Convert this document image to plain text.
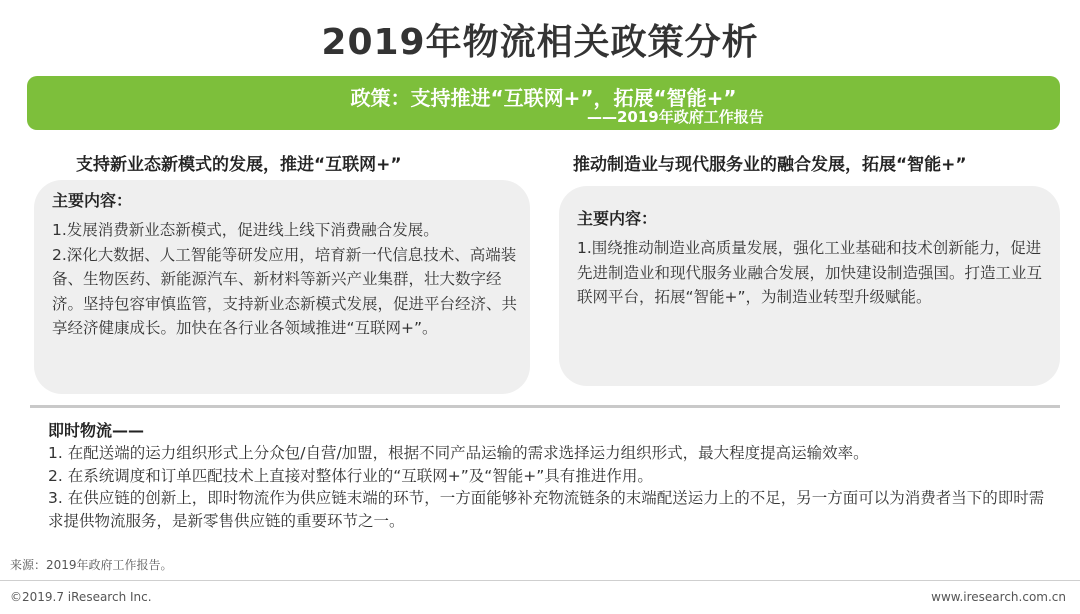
2019年物流相关政策分析
政策：支持推进“互联网+”，拓展“智能+”
——2019年政府工作报告
支持新业态新模式的发展，推进“互联网+”	推动制造业与现代服务业的融合发展，拓展“智能+”
主要内容：

1.发展消费新业态新模式，促进线上线下消费融合发展。

2.深化大数据、人工智能等研发应用，培育新一代信息技术、高端装备、生物医药、新能源汽车、新材料等新兴产业集群，壮大数字经济。坚持包容审慎监管，支持新业态新模式发展，促进平台经济、共享经济健康成长。加快在各行业各领域推进“互联网+”。

主要内容：

1.围绕推动制造业高质量发展，强化工业基础和技术创新能力，促进先进制造业和现代服务业融合发展，加快建设制造强国。打造工业互联网平台，拓展“智能+”，为制造业转型升级赋能。

即时物流——

1. 在配送端的运力组织形式上分众包/自营/加盟，根据不同产品运输的需求选择运力组织形式，最大程度提高运输效率。

2. 在系统调度和订单匹配技术上直接对整体行业的“互联网+”及“智能+”具有推进作用。

3. 在供应链的创新上，即时物流作为供应链末端的环节，一方面能够补充物流链条的末端配送运力上的不足，另一方面可以为消费者当下的即时需求提供物流服务，是新零售供应链的重要环节之一。

来源：2019年政府工作报告。
©2019.7 iResearch Inc.	www.iresearch.com.cn
